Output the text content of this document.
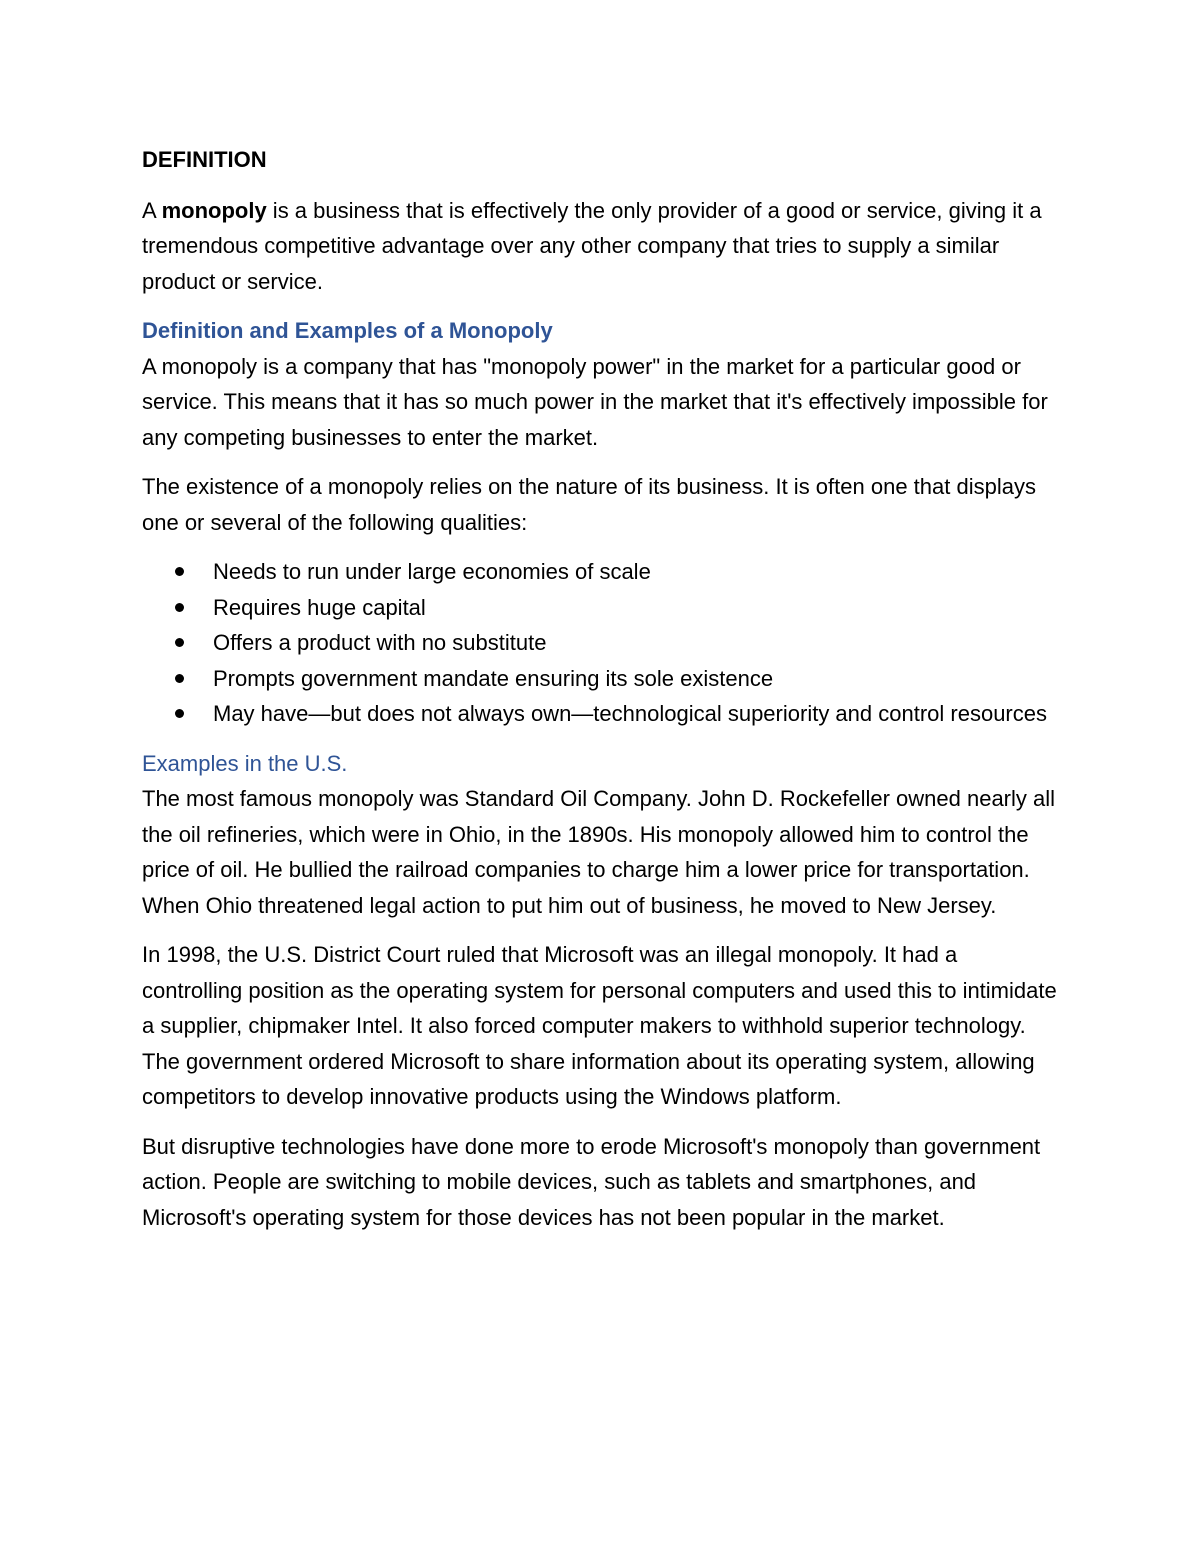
DEFINITION

A monopoly is a business that is effectively the only provider of a good or service, giving it a tremendous competitive advantage over any other company that tries to supply a similar product or service.

Definition and Examples of a Monopoly

A monopoly is a company that has "monopoly power" in the market for a particular good or service. This means that it has so much power in the market that it's effectively impossible for any competing businesses to enter the market.

The existence of a monopoly relies on the nature of its business. It is often one that displays one or several of the following qualities:

Needs to run under large economies of scale
Requires huge capital
Offers a product with no substitute
Prompts government mandate ensuring its sole existence
May have—but does not always own—technological superiority and control resources

Examples in the U.S.

The most famous monopoly was Standard Oil Company. John D. Rockefeller owned nearly all the oil refineries, which were in Ohio, in the 1890s. His monopoly allowed him to control the price of oil. He bullied the railroad companies to charge him a lower price for transportation. When Ohio threatened legal action to put him out of business, he moved to New Jersey.

In 1998, the U.S. District Court ruled that Microsoft was an illegal monopoly. It had a controlling position as the operating system for personal computers and used this to intimidate a supplier, chipmaker Intel. It also forced computer makers to withhold superior technology. The government ordered Microsoft to share information about its operating system, allowing competitors to develop innovative products using the Windows platform.

But disruptive technologies have done more to erode Microsoft's monopoly than government action. People are switching to mobile devices, such as tablets and smartphones, and Microsoft's operating system for those devices has not been popular in the market.
